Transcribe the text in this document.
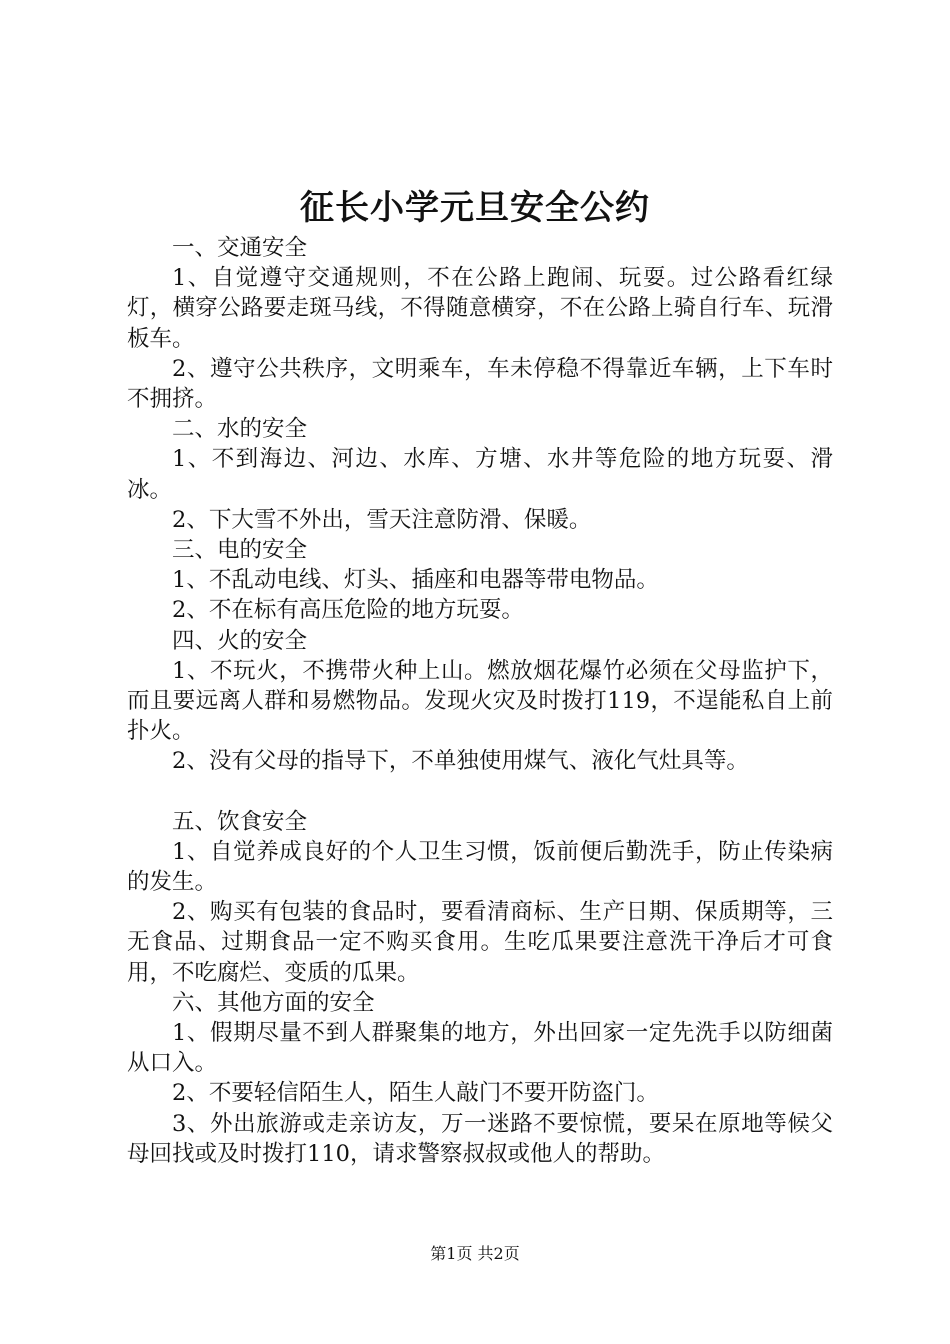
征长小学元旦安全公约

一、交通安全

1、自觉遵守交通规则，不在公路上跑闹、玩耍。过公路看红绿灯，横穿公路要走斑马线，不得随意横穿，不在公路上骑自行车、玩滑板车。

2、遵守公共秩序，文明乘车，车未停稳不得靠近车辆，上下车时不拥挤。

二、水的安全

1、不到海边、河边、水库、方塘、水井等危险的地方玩耍、滑冰。

2、下大雪不外出，雪天注意防滑、保暖。

三、电的安全

1、不乱动电线、灯头、插座和电器等带电物品。

2、不在标有高压危险的地方玩耍。

四、火的安全

1、不玩火，不携带火种上山。燃放烟花爆竹必须在父母监护下，而且要远离人群和易燃物品。发现火灾及时拨打119，不逞能私自上前扑火。

2、没有父母的指导下，不单独使用煤气、液化气灶具等。

五、饮食安全

1、自觉养成良好的个人卫生习惯，饭前便后勤洗手，防止传染病的发生。

2、购买有包装的食品时，要看清商标、生产日期、保质期等，三无食品、过期食品一定不购买食用。生吃瓜果要注意洗干净后才可食用，不吃腐烂、变质的瓜果。

六、其他方面的安全

1、假期尽量不到人群聚集的地方，外出回家一定先洗手以防细菌从口入。

2、不要轻信陌生人，陌生人敲门不要开防盗门。

3、外出旅游或走亲访友，万一迷路不要惊慌，要呆在原地等候父母回找或及时拨打110，请求警察叔叔或他人的帮助。

第1页 共2页
